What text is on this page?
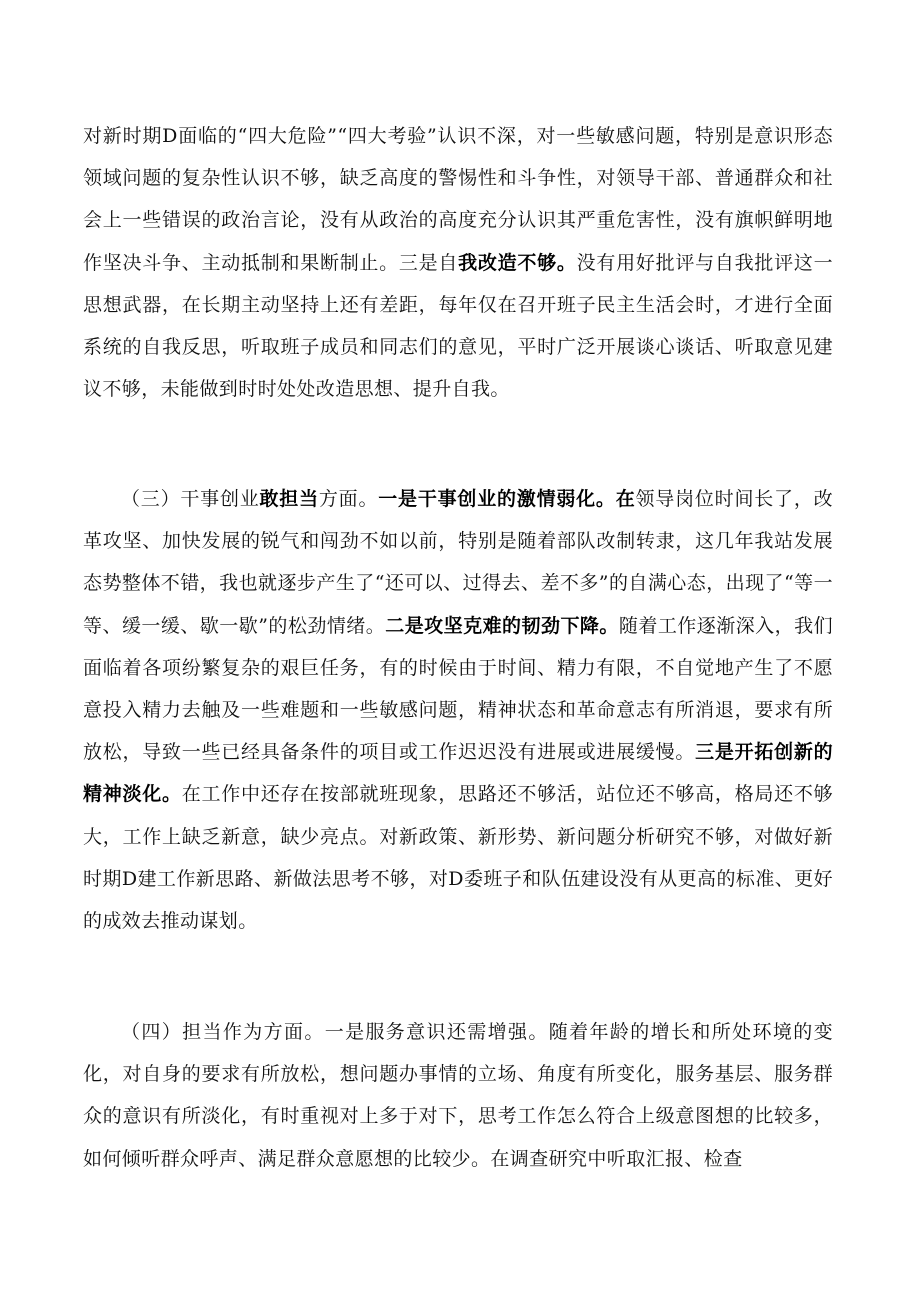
对新时期D面临的“四大危险”“四大考验”认识不深，对一些敏感问题，特别是意识形态领域问题的复杂性认识不够，缺乏高度的警惕性和斗争性，对领导干部、普通群众和社会上一些错误的政治言论，没有从政治的高度充分认识其严重危害性，没有旗帜鲜明地作坚决斗争、主动抵制和果断制止。三是自我改造不够。没有用好批评与自我批评这一思想武器，在长期主动坚持上还有差距，每年仅在召开班子民主生活会时，才进行全面系统的自我反思，听取班子成员和同志们的意见，平时广泛开展谈心谈话、听取意见建议不够，未能做到时时处处改造思想、提升自我。

（三）干事创业敢担当方面。一是干事创业的激情弱化。在领导岗位时间长了，改革攻坚、加快发展的锐气和闯劲不如以前，特别是随着部队改制转隶，这几年我站发展态势整体不错，我也就逐步产生了“还可以、过得去、差不多”的自满心态，出现了“等一等、缓一缓、歇一歇”的松劲情绪。二是攻坚克难的韧劲下降。随着工作逐渐深入，我们面临着各项纷繁复杂的艰巨任务，有的时候由于时间、精力有限，不自觉地产生了不愿意投入精力去触及一些难题和一些敏感问题，精神状态和革命意志有所消退，要求有所放松，导致一些已经具备条件的项目或工作迟迟没有进展或进展缓慢。三是开拓创新的精神淡化。在工作中还存在按部就班现象，思路还不够活，站位还不够高，格局还不够大，工作上缺乏新意，缺少亮点。对新政策、新形势、新问题分析研究不够，对做好新时期D建工作新思路、新做法思考不够，对D委班子和队伍建设没有从更高的标准、更好的成效去推动谋划。

（四）担当作为方面。一是服务意识还需增强。随着年龄的增长和所处环境的变化，对自身的要求有所放松，想问题办事情的立场、角度有所变化，服务基层、服务群众的意识有所淡化，有时重视对上多于对下，思考工作怎么符合上级意图想的比较多，如何倾听群众呼声、满足群众意愿想的比较少。在调查研究中听取汇报、检查
